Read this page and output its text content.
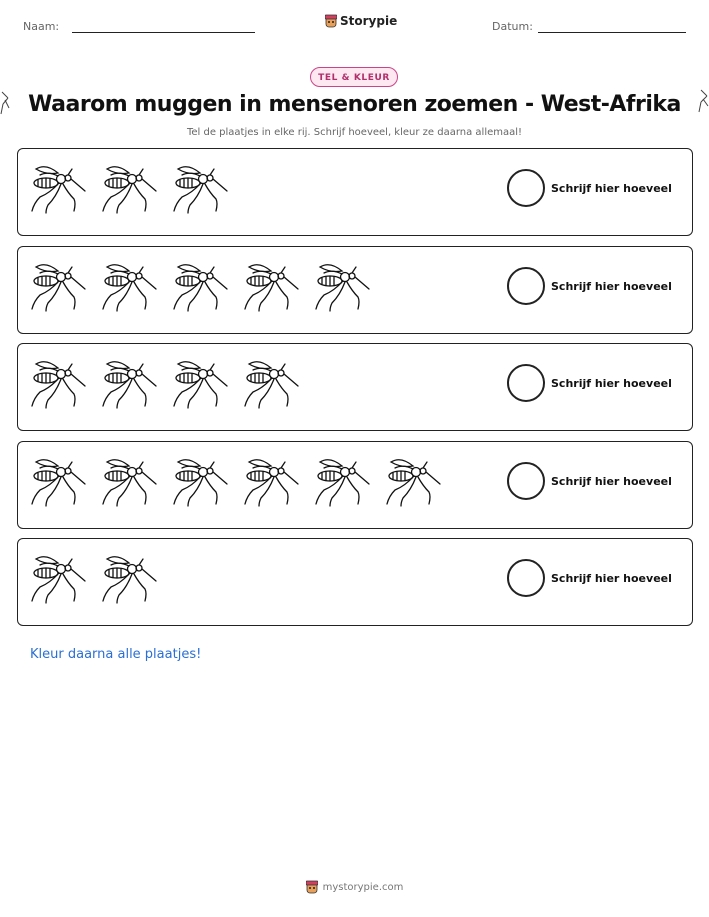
Naam:	Storypie	Datum:
TEL & KLEUR
Waarom muggen in mensenoren zoemen - West-Afrika
Tel de plaatjes in elke rij. Schrijf hoeveel, kleur ze daarna allemaal!
Schrijf hier hoeveel
Schrijf hier hoeveel
Schrijf hier hoeveel
Schrijf hier hoeveel
Schrijf hier hoeveel
Kleur daarna alle plaatjes!
mystorypie.com
